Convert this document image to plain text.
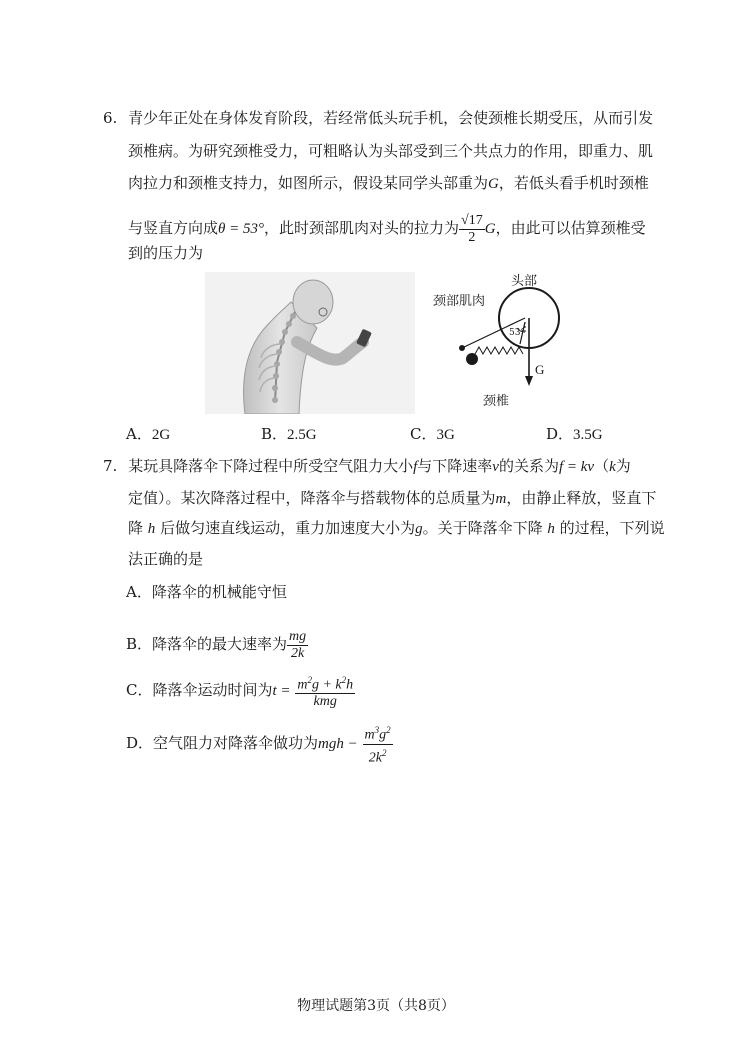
6. 青少年正处在身体发育阶段，若经常低头玩手机，会使颈椎长期受压，从而引发
颈椎病。为研究颈椎受力，可粗略认为头部受到三个共点力的作用，即重力、肌
肉拉力和颈椎支持力，如图所示，假设某同学头部重为G，若低头看手机时颈椎
与竖直方向成θ = 53°，此时颈部肌肉对头的拉力为 $\frac{√17}{2}$ G，由此可以估算颈椎受
到的压力为
头部
颈部肌肉
53°
G
颈椎
A．2G	B．2.5G	C．3G	D．3.5G
7. 某玩具降落伞下降过程中所受空气阻力大小f与下降速率v的关系为f = kv（k为
定值）。某次降落过程中，降落伞与搭载物体的总质量为m，由静止释放，竖直下
降 h 后做匀速直线运动，重力加速度大小为g。关于降落伞下降 h 的过程，下列说
法正确的是
A．降落伞的机械能守恒
B．降落伞的最大速率为 $\frac{mg}{2k}$
C．降落伞运动时间为$t = \frac{m^2g + k^2h}{\text{kmg}}$
D．空气阻力对降落伞做功为mgh − $\frac{m^3g^2}{2k^2}$
物理试题第3页（共8页）
